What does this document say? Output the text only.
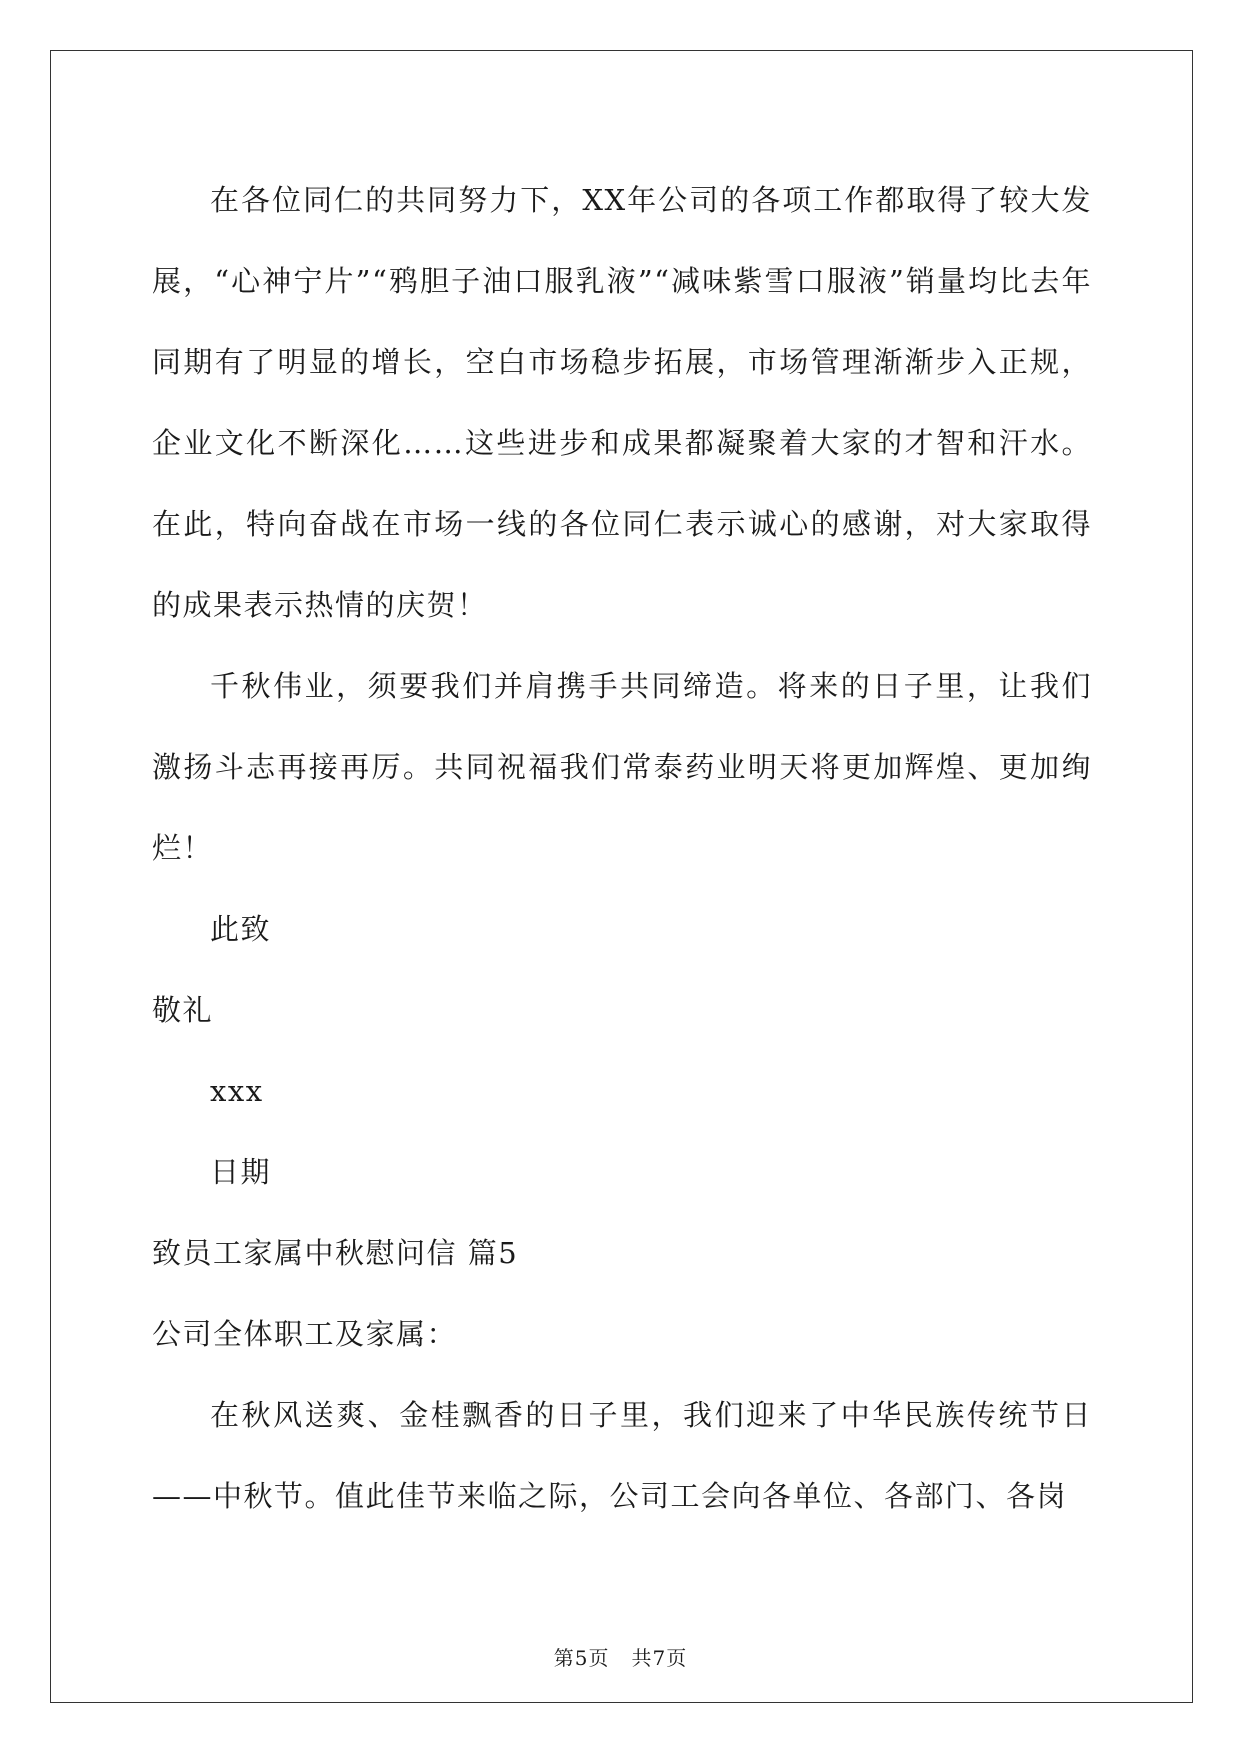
在各位同仁的共同努力下，XX年公司的各项工作都取得了较大发展，“心神宁片”“鸦胆子油口服乳液”“减味紫雪口服液”销量均比去年同期有了明显的增长，空白市场稳步拓展，市场管理渐渐步入正规，企业文化不断深化……这些进步和成果都凝聚着大家的才智和汗水。在此，特向奋战在市场一线的各位同仁表示诚心的感谢，对大家取得的成果表示热情的庆贺！

千秋伟业，须要我们并肩携手共同缔造。将来的日子里，让我们激扬斗志再接再厉。共同祝福我们常泰药业明天将更加辉煌、更加绚烂！

此致

敬礼

xxx

日期

致员工家属中秋慰问信 篇5

公司全体职工及家属：

在秋风送爽、金桂飘香的日子里，我们迎来了中华民族传统节日——中秋节。值此佳节来临之际，公司工会向各单位、各部门、各岗

第5页 共7页
